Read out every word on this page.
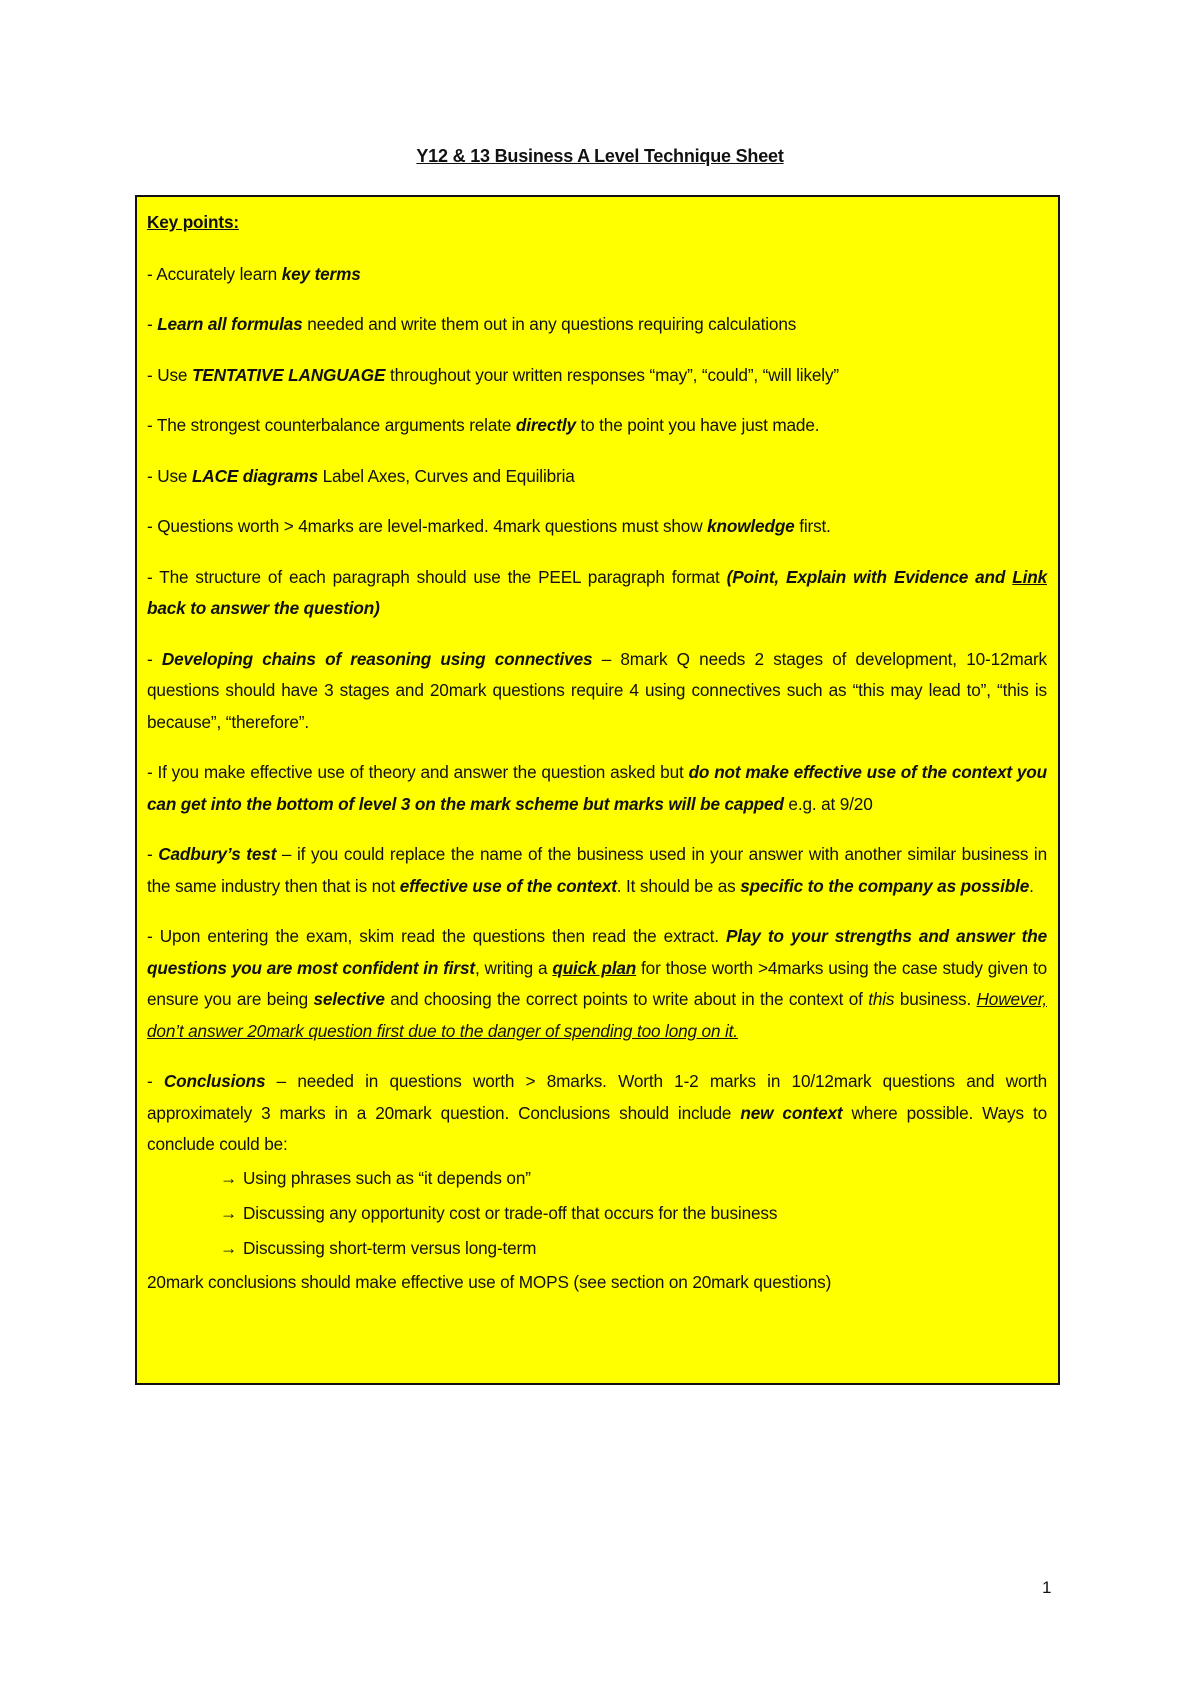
Y12 & 13 Business A Level Technique Sheet

Key points:

- Accurately learn key terms

- Learn all formulas needed and write them out in any questions requiring calculations

- Use TENTATIVE LANGUAGE throughout your written responses “may”, “could”, “will likely”

- The strongest counterbalance arguments relate directly to the point you have just made.

- Use LACE diagrams Label Axes, Curves and Equilibria

- Questions worth > 4marks are level-marked. 4mark questions must show knowledge first.

- The structure of each paragraph should use the PEEL paragraph format (Point, Explain with Evidence and Link back to answer the question)

- Developing chains of reasoning using connectives – 8mark Q needs 2 stages of development, 10-12mark questions should have 3 stages and 20mark questions require 4 using connectives such as “this may lead to”, “this is because”, “therefore”.

- If you make effective use of theory and answer the question asked but do not make effective use of the context you can get into the bottom of level 3 on the mark scheme but marks will be capped e.g. at 9/20

- Cadbury’s test – if you could replace the name of the business used in your answer with another similar business in the same industry then that is not effective use of the context. It should be as specific to the company as possible.

- Upon entering the exam, skim read the questions then read the extract. Play to your strengths and answer the questions you are most confident in first, writing a quick plan for those worth >4marks using the case study given to ensure you are being selective and choosing the correct points to write about in the context of this business. However, don’t answer 20mark question first due to the danger of spending too long on it.

- Conclusions – needed in questions worth > 8marks. Worth 1-2 marks in 10/12mark questions and worth approximately 3 marks in a 20mark question. Conclusions should include new context where possible. Ways to conclude could be:

→ Using phrases such as “it depends on”

→ Discussing any opportunity cost or trade-off that occurs for the business

→ Discussing short-term versus long-term

20mark conclusions should make effective use of MOPS (see section on 20mark questions)

1
